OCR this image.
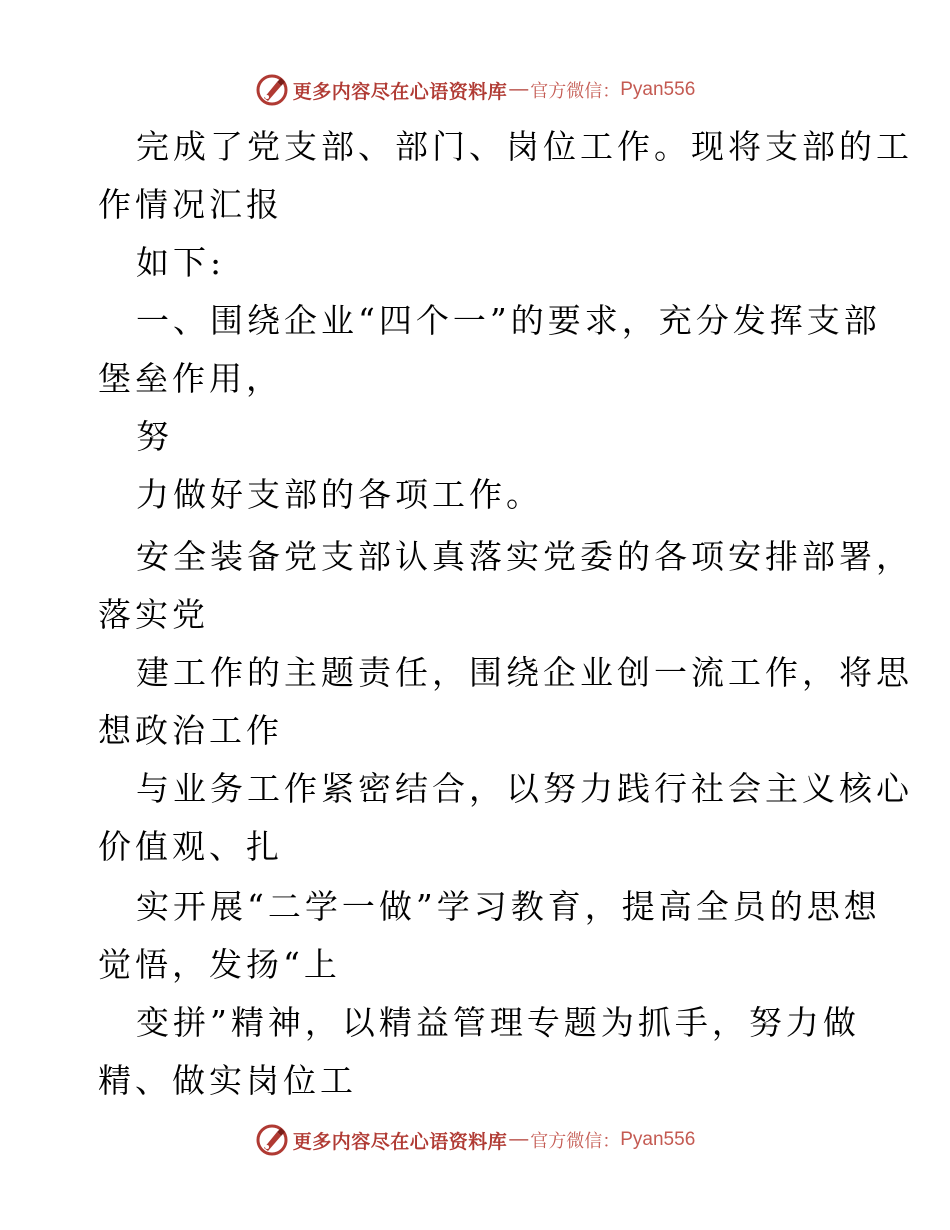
更多内容尽在心语资料库 — 官方微信： Pyan556
完成了党支部、部门、岗位工作。现将支部的工
作情况汇报
如下:
一、围绕企业“四个一”的要求，充分发挥支部
堡垒作用，
努
力做好支部的各项工作。
安全装备党支部认真落实党委的各项安排部署，
落实党
建工作的主题责任，围绕企业创一流工作，将思
想政治工作
与业务工作紧密结合，以努力践行社会主义核心
价值观、扎
实开展“二学一做”学习教育，提高全员的思想
觉悟，发扬“上
变拼”精神，以精益管理专题为抓手，努力做
精、做实岗位工
更多内容尽在心语资料库 — 官方微信： Pyan556
